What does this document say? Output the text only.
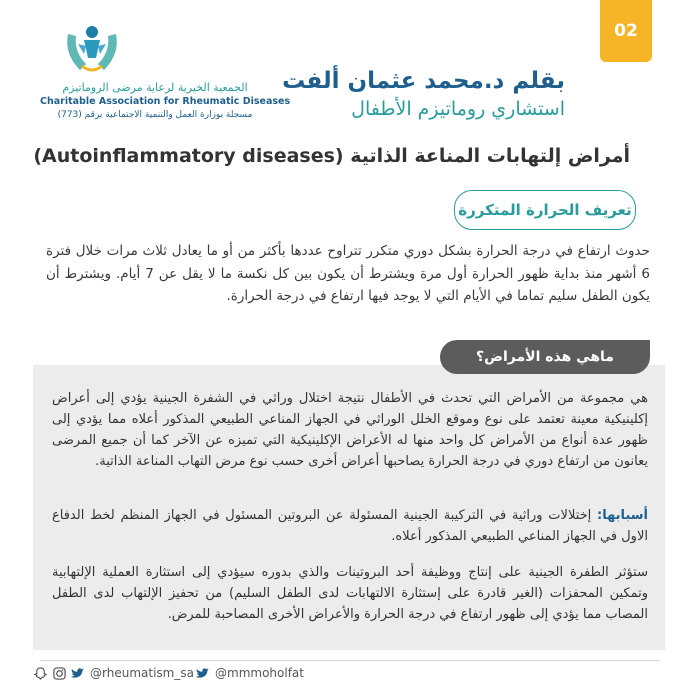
02
الجمعية الخيرية لرعاية مرضى الروماتيزم
Charitable Association for Rheumatic Diseases
مسجلة بوزارة العمل والتنمية الاجتماعية برقم (773)
بقلم د.محمد عثمان ألفت
استشاري روماتيزم الأطفال
أمراض إلتهابات المناعة الذاتية (Autoinflammatory diseases)
تعريف الحرارة المتكررة
حدوث ارتفاع في درجة الحرارة بشكل دوري متكرر تتراوح عددها بأكثر من أو ما يعادل ثلاث مرات خلال فترة 6 أشهر منذ بداية ظهور الحرارة أول مرة ويشترط أن يكون بين كل نكسة ما لا يقل عن 7 أيام. ويشترط أن يكون الطفل سليم تماما في الأيام التي لا يوجد فيها ارتفاع في درجة الحرارة.
ماهي هذه الأمراض؟
هي مجموعة من الأمراض التي تحدث في الأطفال نتيجة اختلال وراثي في الشفرة الجينية يؤدي إلى أعراض إكلينيكية معينة تعتمد على نوع وموقع الخلل الوراثي في الجهاز المناعي الطبيعي المذكور أعلاه مما يؤدي إلى ظهور عدة أنواع من الأمراض كل واحد منها له الأعراض الإكلينيكية التي تميزه عن الآخر كما أن جميع المرضى يعانون من ارتفاع دوري في درجة الحرارة يصاحبها أعراض أخرى حسب نوع مرض التهاب المناعة الذاتية.
أسبابها: إختلالات وراثية في التركيبة الجينية المسئولة عن البروتين المسئول في الجهاز المنظم لخط الدفاع الاول في الجهاز المناعي الطبيعي المذكور أعلاه.
ستؤثر الطفرة الجينية على إنتاج ووظيفة أحد البروتينات والذي بدوره سيؤدي إلى استثارة العملية الإلتهابية وتمكين المحفزات (الغير قادرة على إستثارة الالتهابات لدى الطفل السليم) من تحفيز الإلتهاب لدى الطفل المصاب مما يؤدي إلى ظهور ارتفاع في درجة الحرارة والأعراض الأخرى المصاحبة للمرض.
@rheumatism_sa @mmmoholfat
